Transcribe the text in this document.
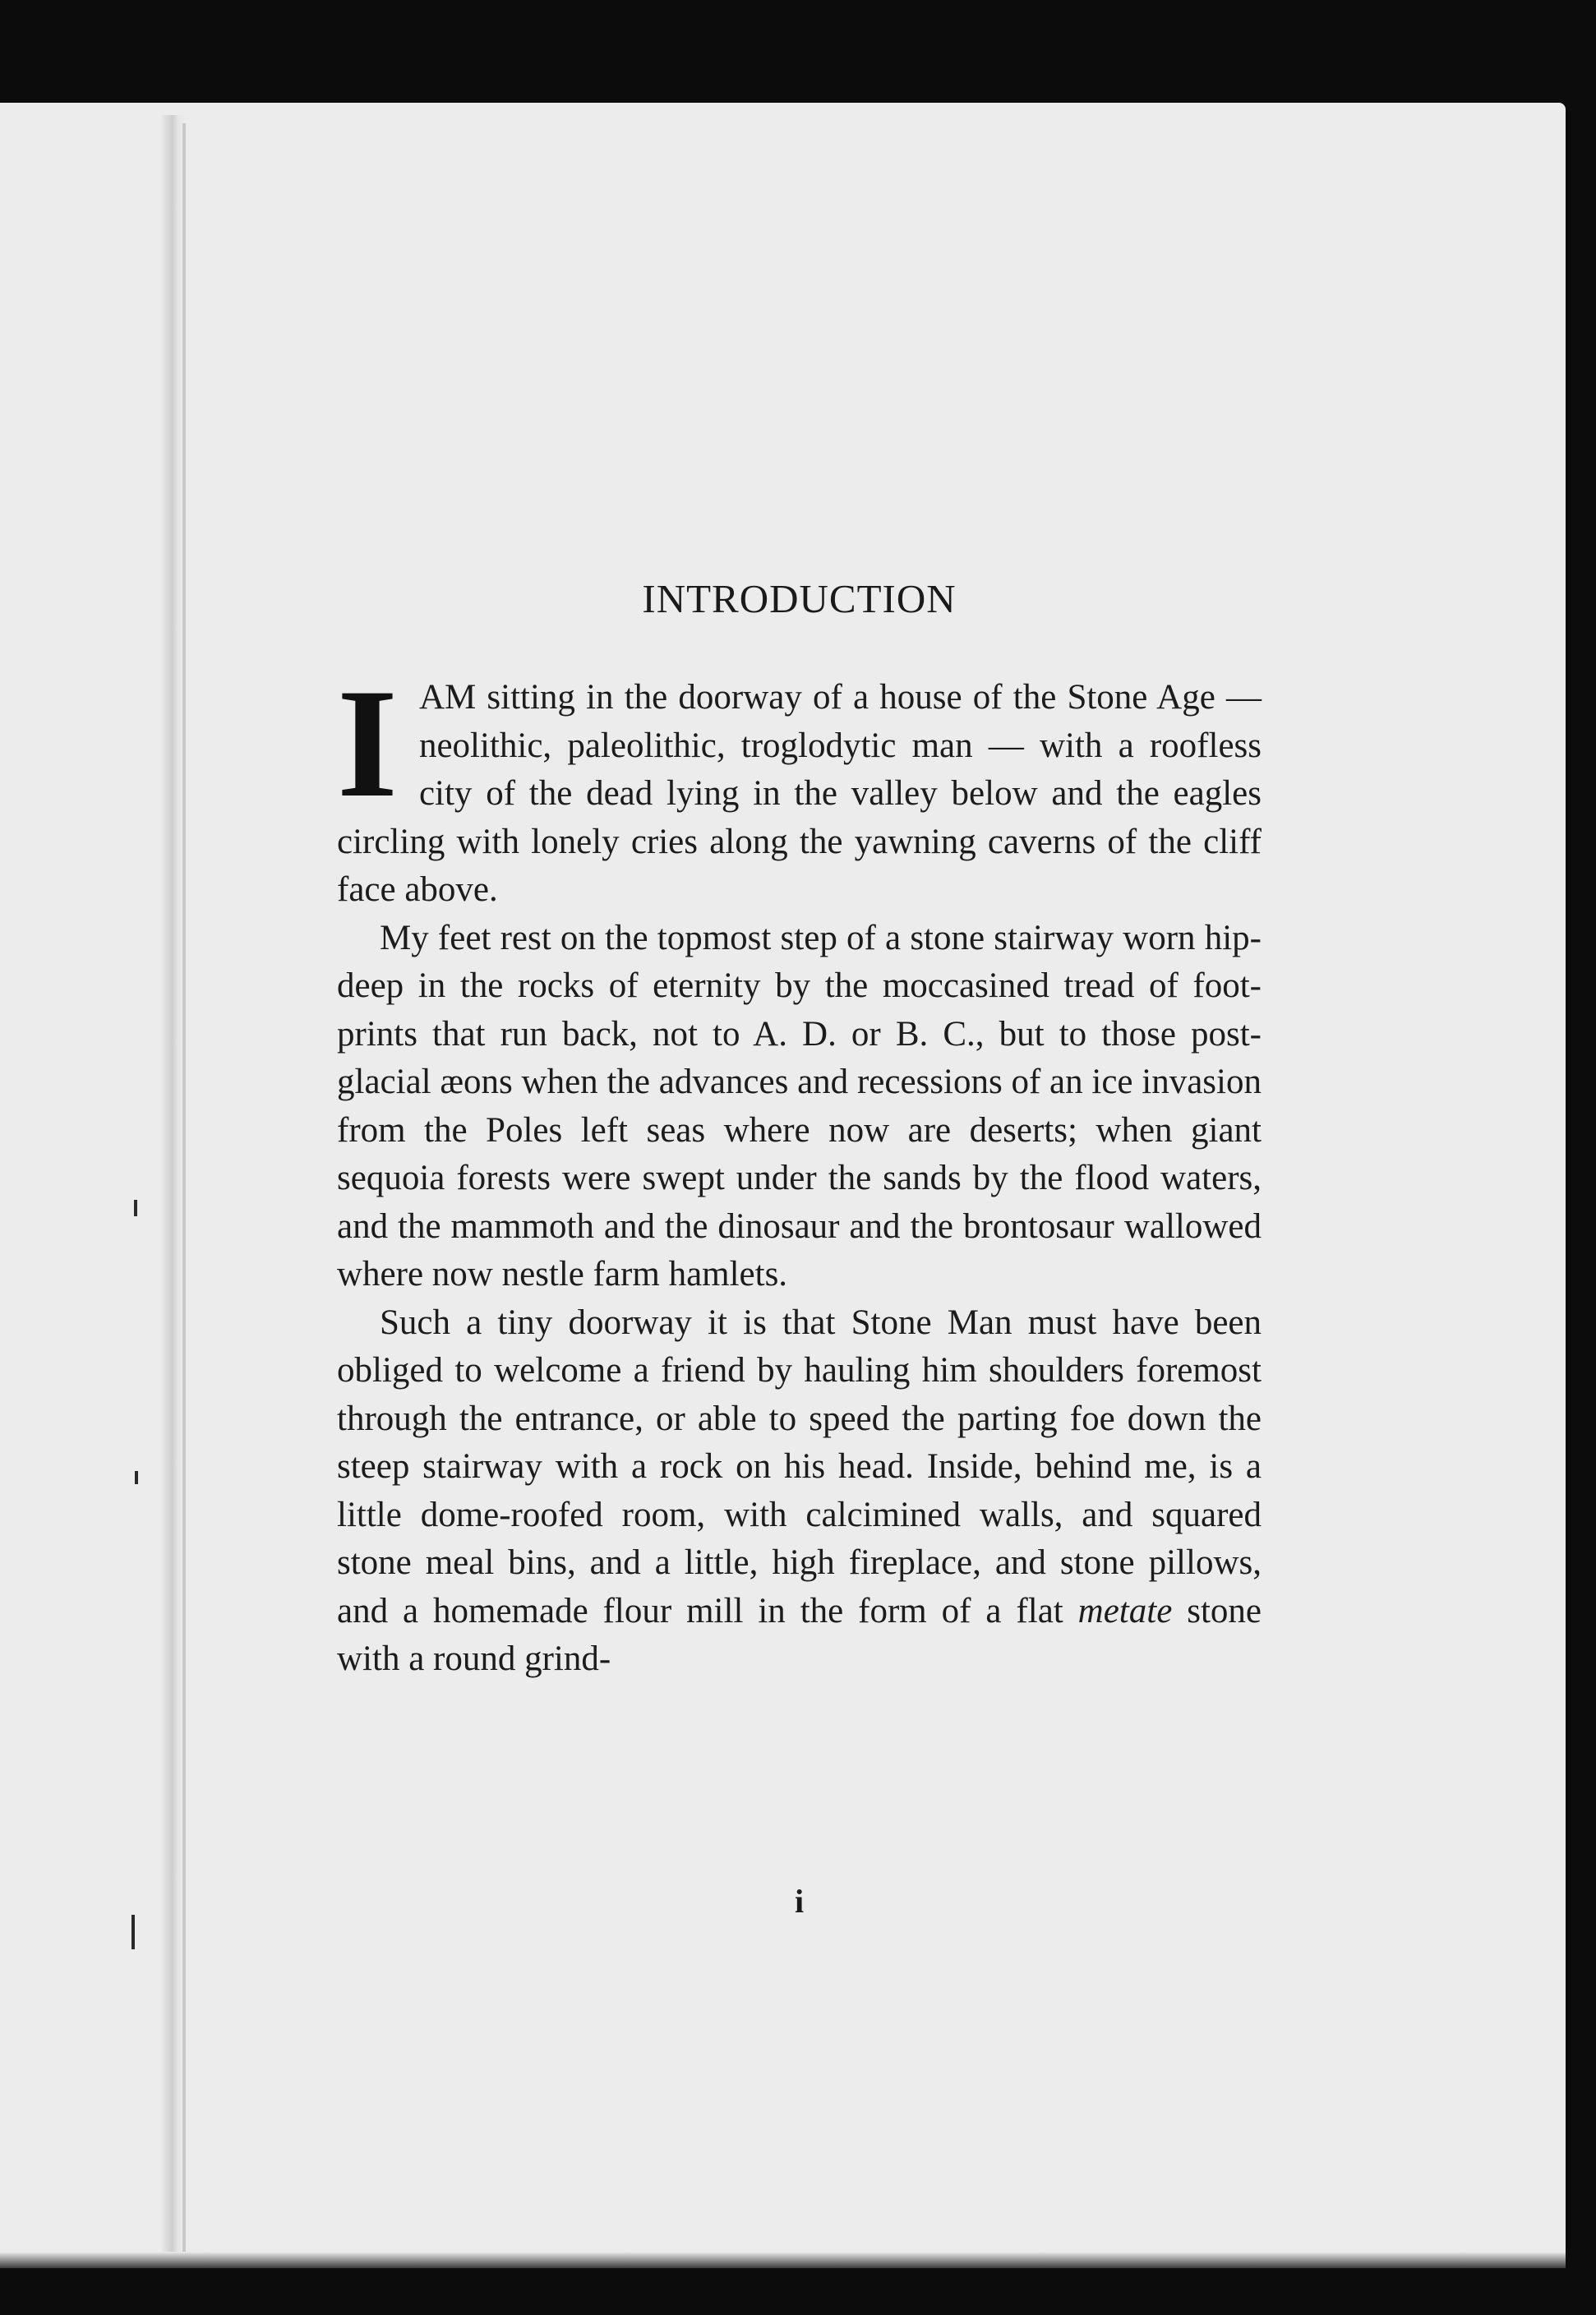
INTRODUCTION

IAM sitting in the doorway of a house of the Stone Age — neolithic, paleolithic, troglodytic man — with a roofless city of the dead lying in the valley below and the eagles circling with lonely cries along the yawning caverns of the cliff face above.

My feet rest on the topmost step of a stone stairway worn hip-deep in the rocks of eternity by the moccasined tread of foot-prints that run back, not to A. D. or B. C., but to those post-glacial æons when the advances and recessions of an ice invasion from the Poles left seas where now are deserts; when giant sequoia forests were swept under the sands by the flood waters, and the mammoth and the dinosaur and the brontosaur wallowed where now nestle farm hamlets.

Such a tiny doorway it is that Stone Man must have been obliged to welcome a friend by hauling him shoulders foremost through the entrance, or able to speed the parting foe down the steep stairway with a rock on his head. Inside, behind me, is a little dome-roofed room, with calcimined walls, and squared stone meal bins, and a little, high fireplace, and stone pillows, and a homemade flour mill in the form of a flat metate stone with a round grind-

i
